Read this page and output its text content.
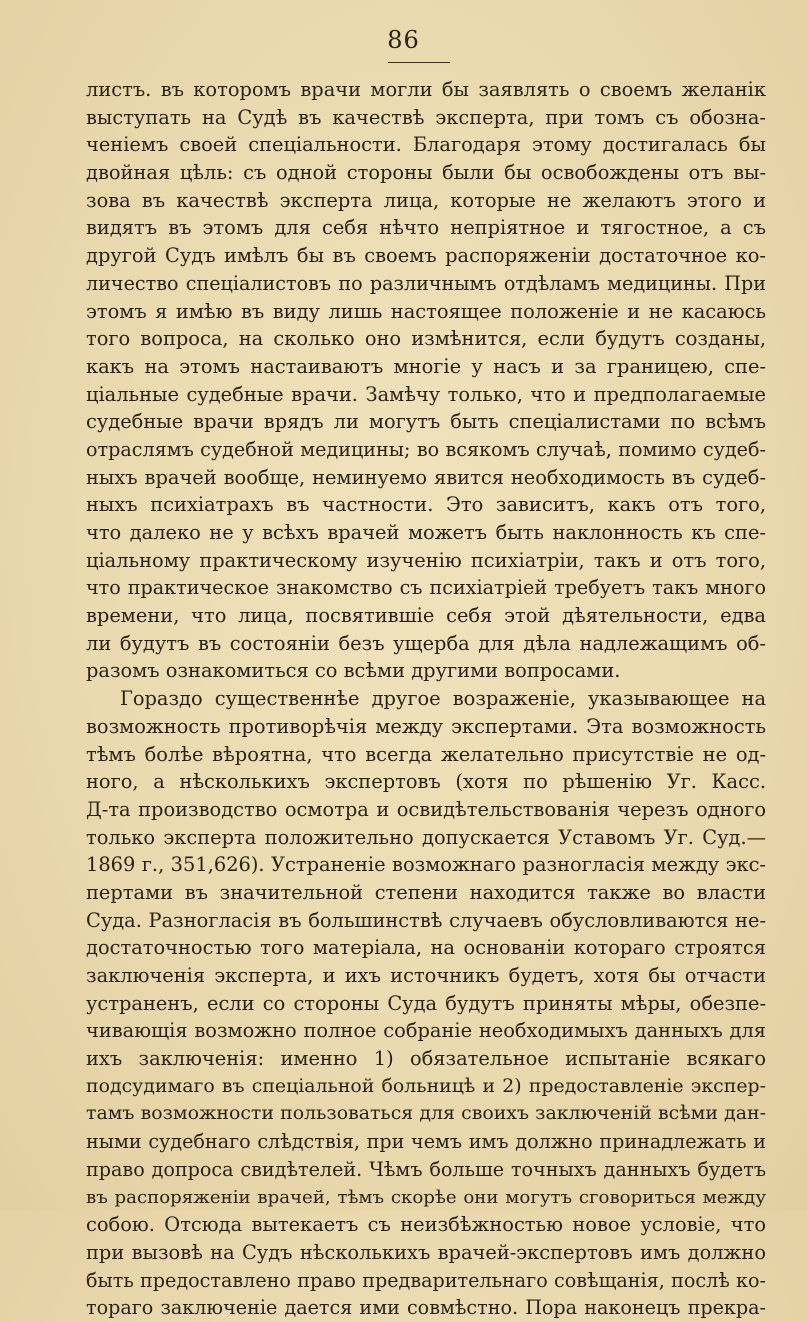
86
листъ. въ которомъ врачи могли бы заявлять о своемъ желанік
выступать на Судѣ въ качествѣ эксперта, при томъ съ обозна-
ченіемъ своей спеціальности. Благодаря этому достигалась бы
двойная цѣль: съ одной стороны были бы освобождены отъ вы-
зова въ качествѣ эксперта лица, которые не желаютъ этого и
видятъ въ этомъ для себя нѣчто непріятное и тягостное, а съ
другой Судъ имѣлъ бы въ своемъ распоряженіи достаточное ко-
личество спеціалистовъ по различнымъ отдѣламъ медицины. При
этомъ я имѣю въ виду лишь настоящее положеніе и не касаюсь
того вопроса, на сколько оно измѣнится, если будутъ созданы,
какъ на этомъ настаиваютъ многіе у насъ и за границею, спе-
ціальные судебные врачи. Замѣчу только, что и предполагаемые
судебные врачи врядъ ли могутъ быть спеціалистами по всѣмъ
отраслямъ судебной медицины; во всякомъ случаѣ, помимо судеб-
ныхъ врачей вообще, неминуемо явится необходимость въ судеб-
ныхъ психіатрахъ въ частности. Это зависитъ, какъ отъ того,
что далеко не у всѣхъ врачей можетъ быть наклонность къ спе-
ціальному практическому изученію психіатріи, такъ и отъ того,
что практическое знакомство съ психіатріей требуетъ такъ много
времени, что лица, посвятившіе себя этой дѣятельности, едва
ли будутъ въ состояніи безъ ущерба для дѣла надлежащимъ об-
разомъ ознакомиться со всѣми другими вопросами.
Гораздо существеннѣе другое возраженіе, указывающее на
возможность противорѣчія между экспертами. Эта возможность
тѣмъ болѣе вѣроятна, что всегда желательно присутствіе не од-
ного, а нѣсколькихъ экспертовъ (хотя по рѣшенію Уг. Касс.
Д-та производство осмотра и освидѣтельствованія черезъ одного
только эксперта положительно допускается Уставомъ Уг. Суд.—
1869 г., 351,626). Устраненіе возможнаго разногласія между экс-
пертами въ значительной степени находится также во власти
Суда. Разногласія въ большинствѣ случаевъ обусловливаются не-
достаточностью того матеріала, на основаніи котораго строятся
заключенія эксперта, и ихъ источникъ будетъ, хотя бы отчасти
устраненъ, если со стороны Суда будутъ приняты мѣры, обезпе-
чивающія возможно полное собраніе необходимыхъ данныхъ для
ихъ заключенія: именно 1) обязательное испытаніе всякаго
подсудимаго въ спеціальной больницѣ и 2) предоставленіе экспер-
тамъ возможности пользоваться для своихъ заключеній всѣми дан-
ными судебнаго слѣдствія, при чемъ имъ должно принадлежать и
право допроса свидѣтелей. Чѣмъ больше точныхъ данныхъ будетъ
въ распоряженіи врачей, тѣмъ скорѣе они могутъ сговориться между
собою. Отсюда вытекаетъ съ неизбѣжностью новое условіе, что
при вызовѣ на Судъ нѣсколькихъ врачей-экспертовъ имъ должно
быть предоставлено право предварительнаго совѣщанія, послѣ ко-
тораго заключеніе дается ими совмѣстно. Пора наконецъ прекра-
